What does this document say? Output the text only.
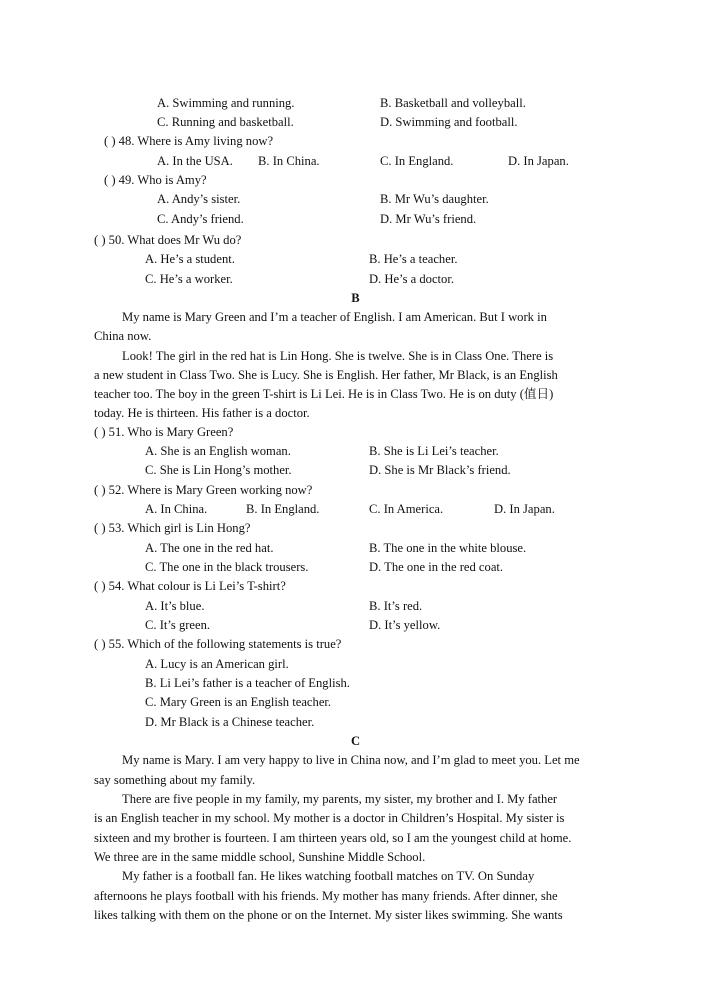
A. Swimming and running.	B. Basketball and volleyball.
C. Running and basketball.	D. Swimming and football.
( ) 48. Where is Amy living now?
A. In the USA. B. In China.	C. In England.	D. In Japan.
( ) 49. Who is Amy?
A. Andy’s sister.	B. Mr Wu’s daughter.
C. Andy’s friend.	D. Mr Wu’s friend.
( ) 50. What does Mr Wu do?
A. He’s a student.	B. He’s a teacher.
C. He’s a worker.	D. He’s a doctor.
B
My name is Mary Green and I’m a teacher of English. I am American. But I work in
China now.
Look! The girl in the red hat is Lin Hong. She is twelve. She is in Class One. There is
a new student in Class Two. She is Lucy. She is English. Her father, Mr Black, is an English
teacher too. The boy in the green T-shirt is Li Lei. He is in Class Two. He is on duty (值日)
today. He is thirteen. His father is a doctor.
( ) 51. Who is Mary Green?
A. She is an English woman.	B. She is Li Lei’s teacher.
C. She is Lin Hong’s mother.	D. She is Mr Black’s friend.
( ) 52. Where is Mary Green working now?
A. In China.	B. In England.	C. In America.	D. In Japan.
( ) 53. Which girl is Lin Hong?
A. The one in the red hat.	B. The one in the white blouse.
C. The one in the black trousers.	D. The one in the red coat.
( ) 54. What colour is Li Lei’s T-shirt?
A. It’s blue.	B. It’s red.
C. It’s green.	D. It’s yellow.
( ) 55. Which of the following statements is true?
A. Lucy is an American girl.
B. Li Lei’s father is a teacher of English.
C. Mary Green is an English teacher.
D. Mr Black is a Chinese teacher.
C
My name is Mary. I am very happy to live in China now, and I’m glad to meet you. Let me
say something about my family.
There are five people in my family, my parents, my sister, my brother and I. My father
is an English teacher in my school. My mother is a doctor in Children’s Hospital. My sister is
sixteen and my brother is fourteen. I am thirteen years old, so I am the youngest child at home.
We three are in the same middle school, Sunshine Middle School.
My father is a football fan. He likes watching football matches on TV. On Sunday
afternoons he plays football with his friends. My mother has many friends. After dinner, she
likes talking with them on the phone or on the Internet. My sister likes swimming. She wants
